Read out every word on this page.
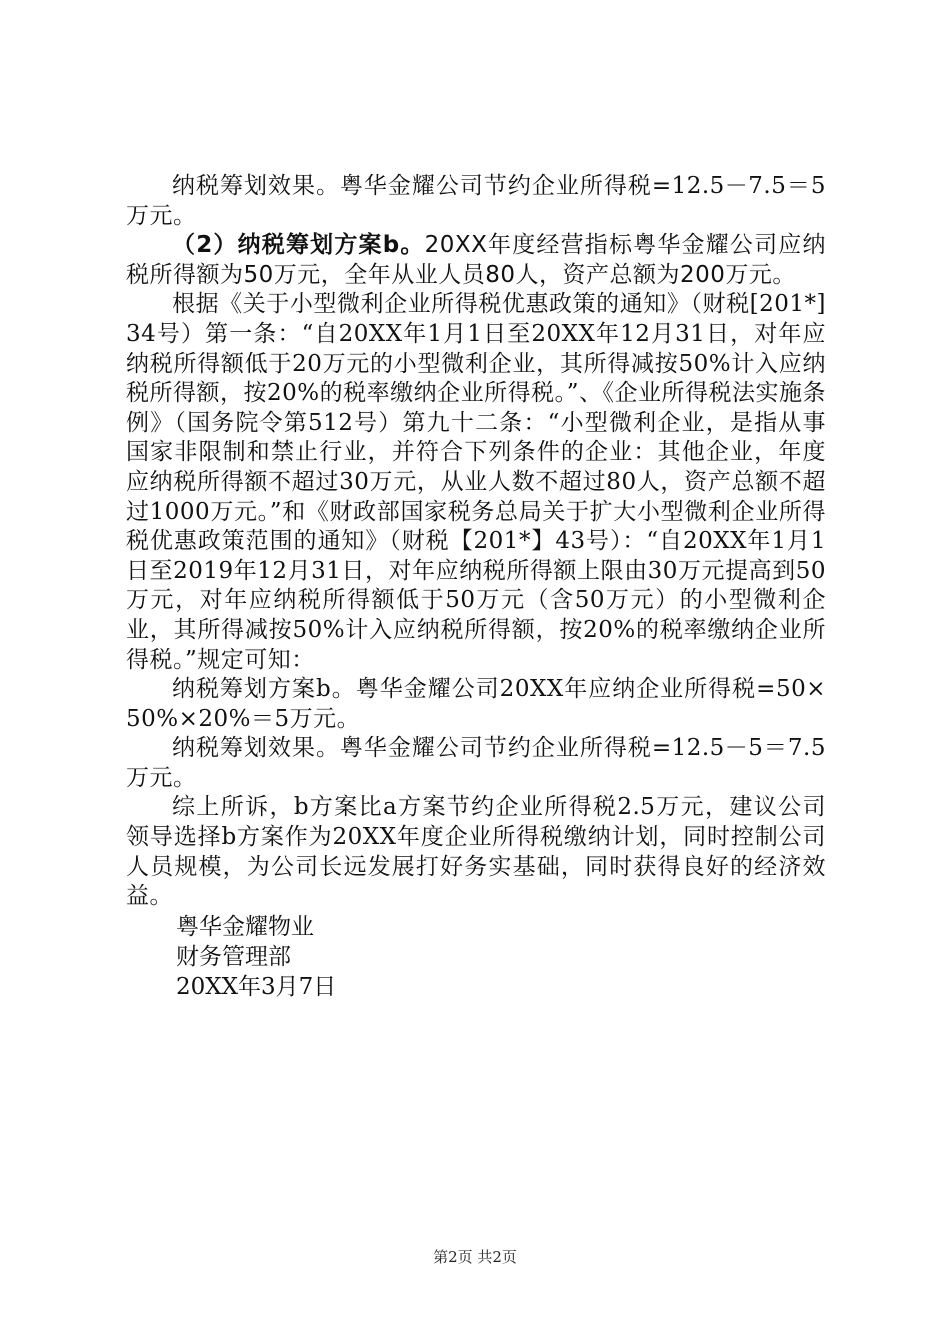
纳税筹划效果。粤华金耀公司节约企业所得税=12.5－7.5＝5万元。

（2）纳税筹划方案b。20XX年度经营指标粤华金耀公司应纳税所得额为50万元，全年从业人员80人，资产总额为200万元。

根据《关于小型微利企业所得税优惠政策的通知》（财税[201*]34号）第一条：“自20XX年1月1日至20XX年12月31日，对年应纳税所得额低于20万元的小型微利企业，其所得减按50%计入应纳税所得额，按20%的税率缴纳企业所得税。”、《企业所得税法实施条例》（国务院令第512号）第九十二条：“小型微利企业，是指从事国家非限制和禁止行业，并符合下列条件的企业：其他企业，年度应纳税所得额不超过30万元，从业人数不超过80人，资产总额不超过1000万元。”和《财政部国家税务总局关于扩大小型微利企业所得税优惠政策范围的通知》（财税【201*】43号）：“自20XX年1月1日至2019年12月31日，对年应纳税所得额上限由30万元提高到50万元，对年应纳税所得额低于50万元（含50万元）的小型微利企业，其所得减按50%计入应纳税所得额，按20%的税率缴纳企业所得税。”规定可知：

纳税筹划方案b。粤华金耀公司20XX年应纳企业所得税=50×50%×20%＝5万元。

纳税筹划效果。粤华金耀公司节约企业所得税=12.5－5＝7.5万元。

综上所诉，b方案比a方案节约企业所得税2.5万元，建议公司领导选择b方案作为20XX年度企业所得税缴纳计划，同时控制公司人员规模，为公司长远发展打好务实基础，同时获得良好的经济效益。

粤华金耀物业

财务管理部

20XX年3月7日

第2页 共2页
